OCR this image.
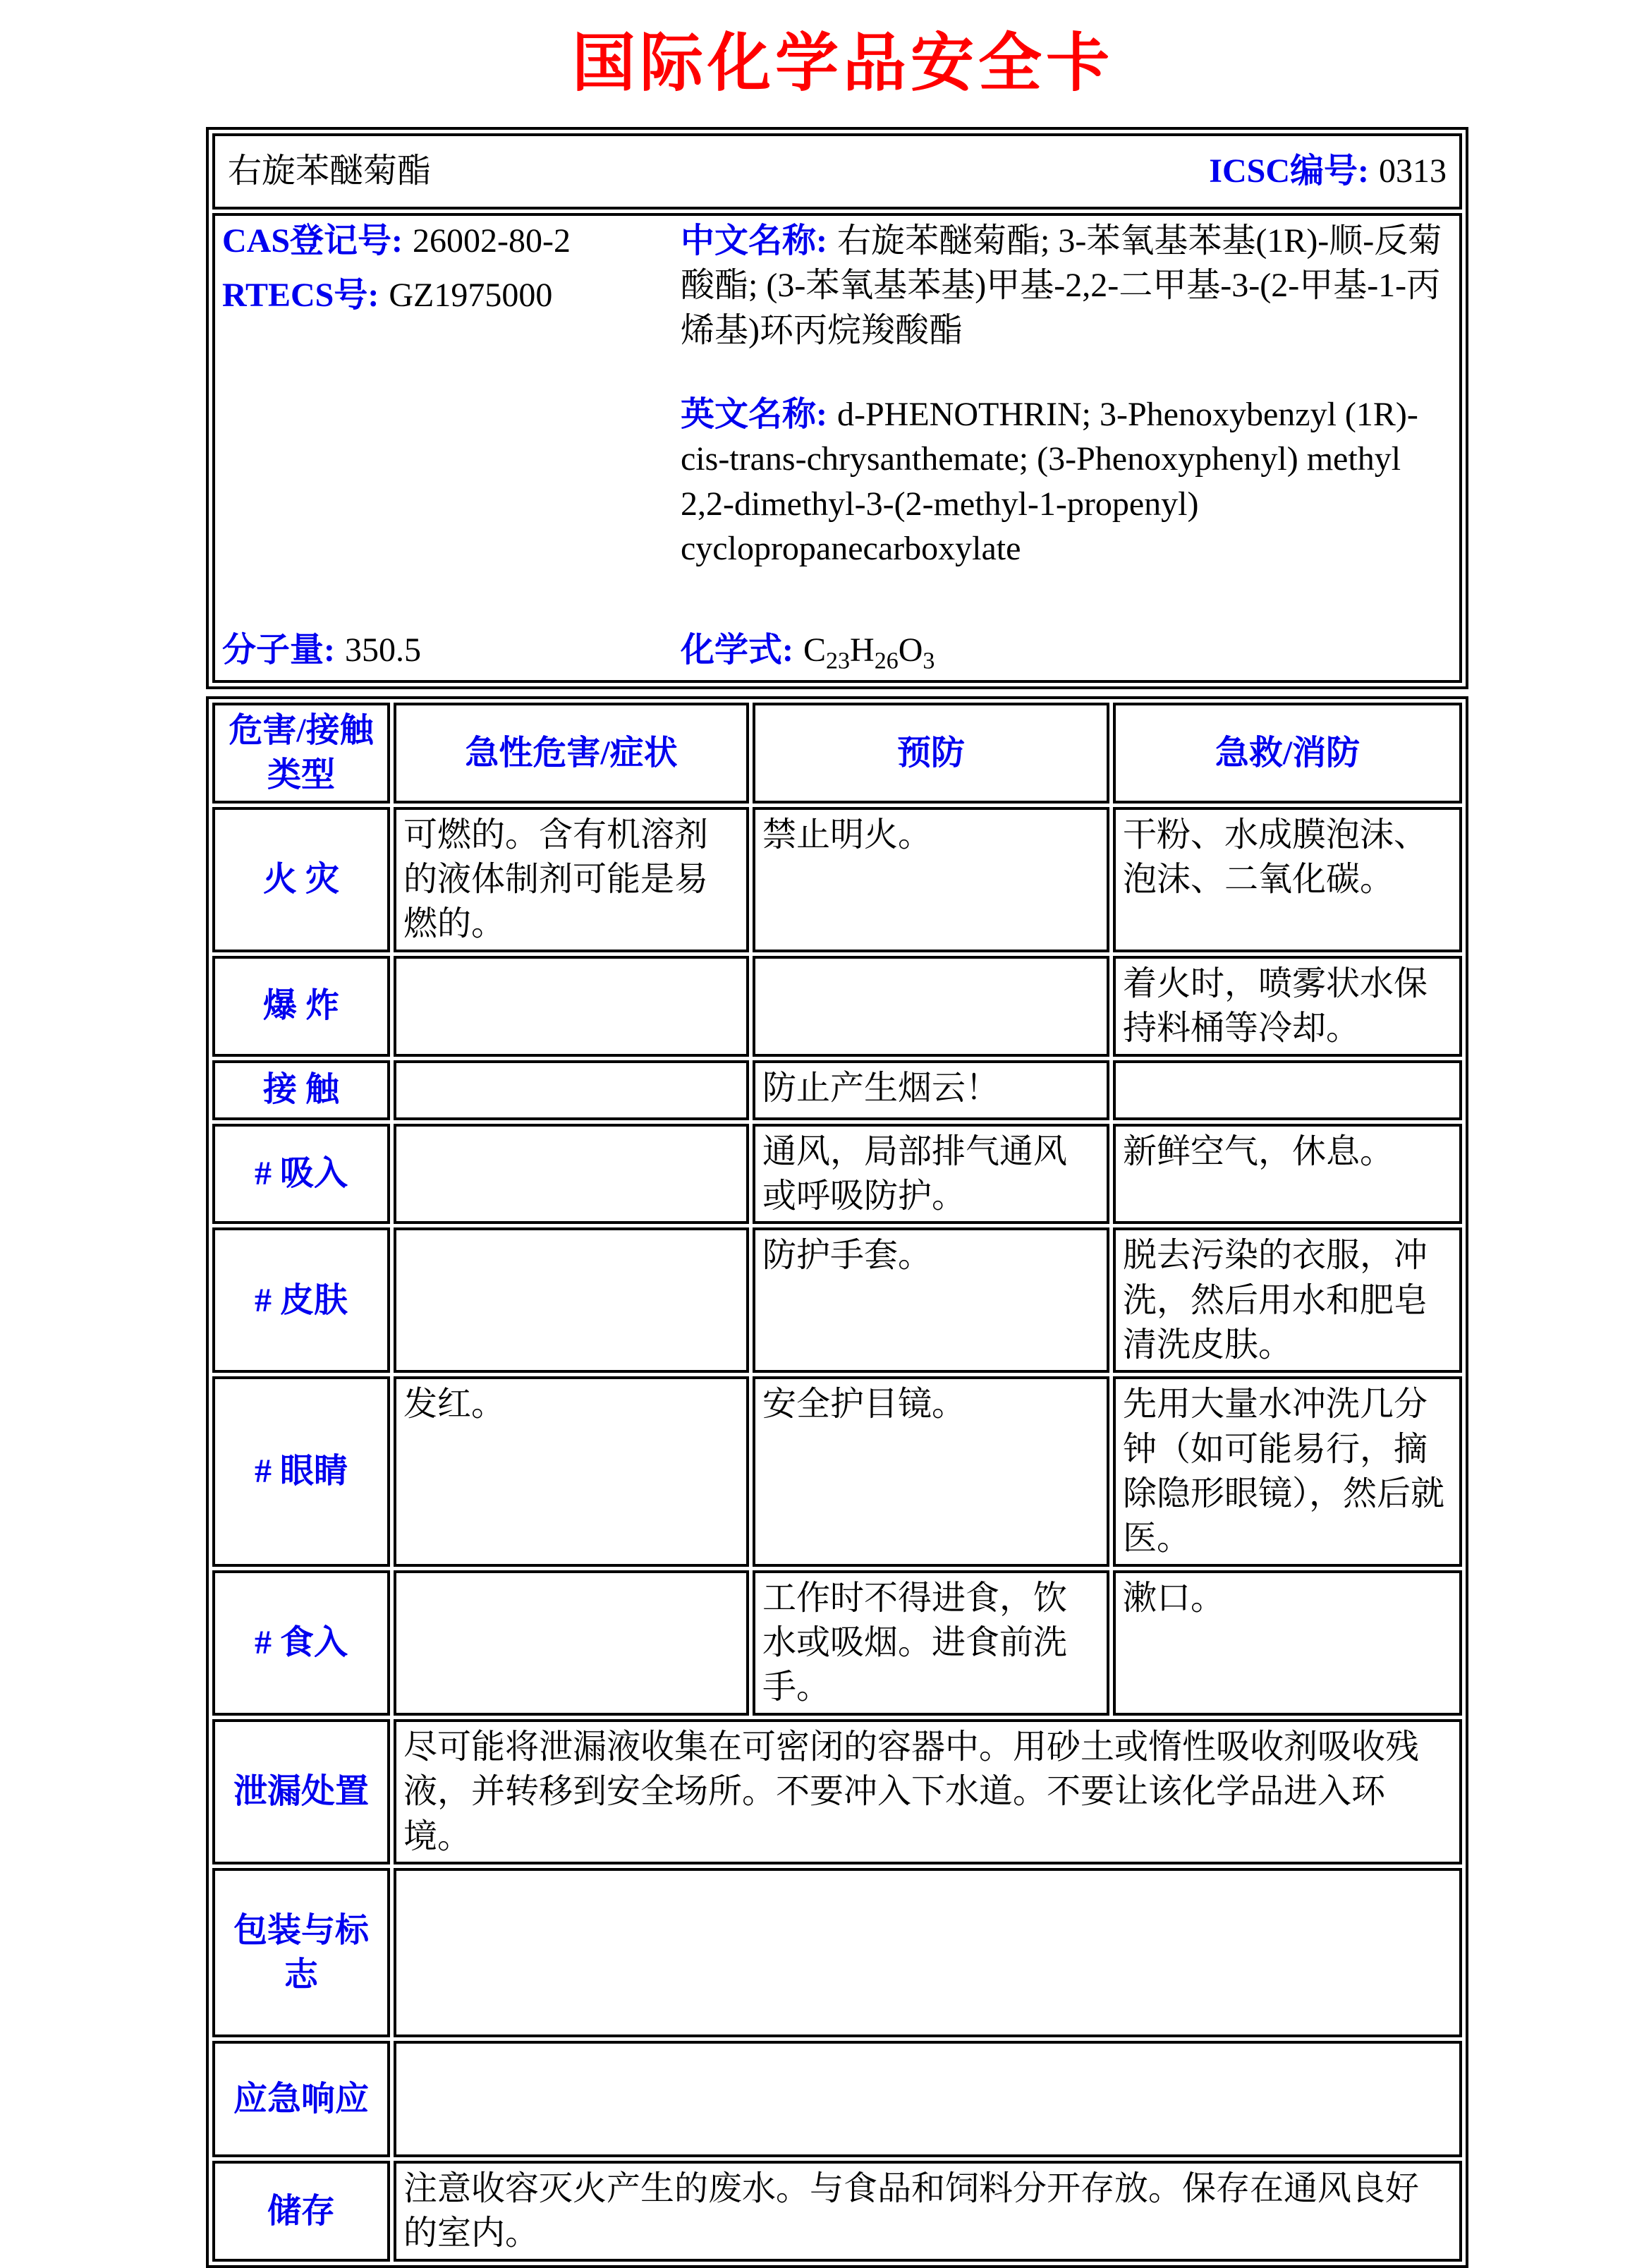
国际化学品安全卡
右旋苯醚菊酯	ICSC编号: 0313

CAS登记号: 26002-80-2
RTECS号: GZ1975000

中文名称: 右旋苯醚菊酯; 3-苯氧基苯基(1R)-顺-反菊酸酯; (3-苯氧基苯基)甲基-2,2-二甲基-3-(2-甲基-1-丙烯基)环丙烷羧酸酯

英文名称: d-PHENOTHRIN; 3-Phenoxybenzyl (1R)-cis-trans-chrysanthemate; (3-Phenoxyphenyl) methyl 2,2-dimethyl-3-(2-methyl-1-propenyl) cyclopropanecarboxylate

分子量: 350.5	化学式: $C_{23}H_{26}O_3$
危害/接触类型	急性危害/症状	预防	急救/消防
火 灾	可燃的。含有机溶剂的液体制剂可能是易燃的。	禁止明火。	干粉、水成膜泡沫、泡沫、二氧化碳。
爆 炸			着火时，喷雾状水保持料桶等冷却。
接 触		防止产生烟云！	
# 吸入		通风，局部排气通风或呼吸防护。	新鲜空气，休息。
# 皮肤		防护手套。	脱去污染的衣服，冲洗，然后用水和肥皂清洗皮肤。
# 眼睛	发红。	安全护目镜。	先用大量水冲洗几分钟（如可能易行，摘除隐形眼镜），然后就医。
# 食入		工作时不得进食，饮水或吸烟。进食前洗手。	漱口。
泄漏处置	尽可能将泄漏液收集在可密闭的容器中。用砂土或惰性吸收剂吸收残液，并转移到安全场所。不要冲入下水道。不要让该化学品进入环境。		
包装与标志			
应急响应			
储存	注意收容灭火产生的废水。与食品和饲料分开存放。保存在通风良好的室内。		
